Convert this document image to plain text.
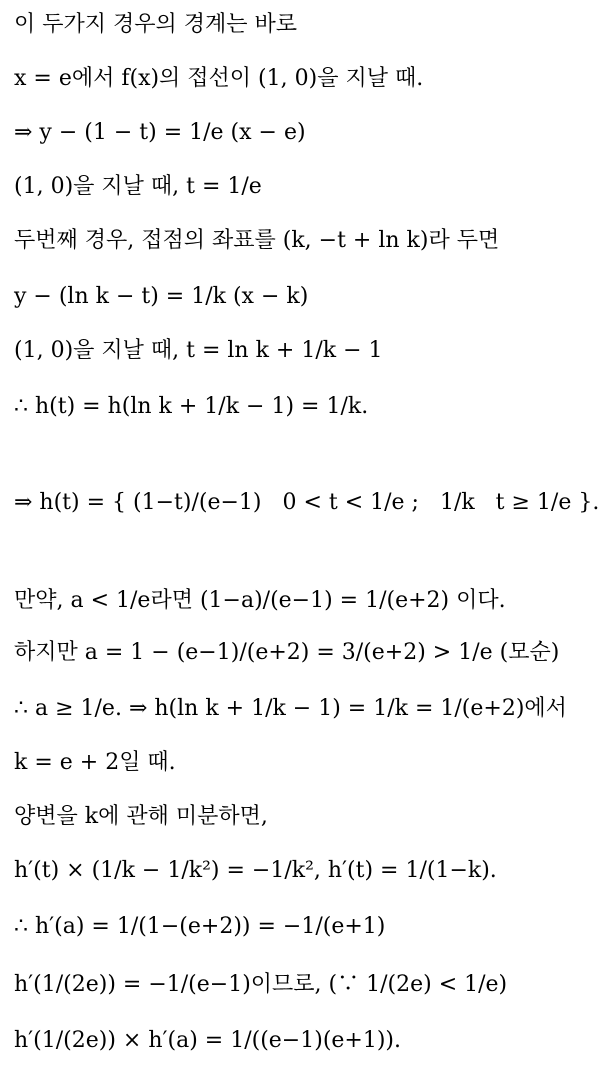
이 두가지 경우의 경계는 바로
x = e에서 f(x)의 접선이 (1, 0)을 지날 때.
⇒ y − (1 − t) = 1/e (x − e)
(1, 0)을 지날 때, t = 1/e
두번째 경우, 접점의 좌표를 (k, −t + ln k)라 두면
y − (ln k − t) = 1/k (x − k)
(1, 0)을 지날 때, t = ln k + 1/k − 1
∴ h(t) = h(ln k + 1/k − 1) = 1/k.
⇒ h(t) = { (1−t)/(e−1)   0 < t < 1/e ;   1/k   t ≥ 1/e }.
만약, a < 1/e라면 (1−a)/(e−1) = 1/(e+2) 이다.
하지만 a = 1 − (e−1)/(e+2) = 3/(e+2) > 1/e (모순)
∴ a ≥ 1/e. ⇒ h(ln k + 1/k − 1) = 1/k = 1/(e+2)에서
k = e + 2일 때.
양변을 k에 관해 미분하면,
h′(t) × (1/k − 1/k²) = −1/k², h′(t) = 1/(1−k).
∴ h′(a) = 1/(1−(e+2)) = −1/(e+1)
h′(1/(2e)) = −1/(e−1)이므로, (∵ 1/(2e) < 1/e)
h′(1/(2e)) × h′(a) = 1/((e−1)(e+1)).
